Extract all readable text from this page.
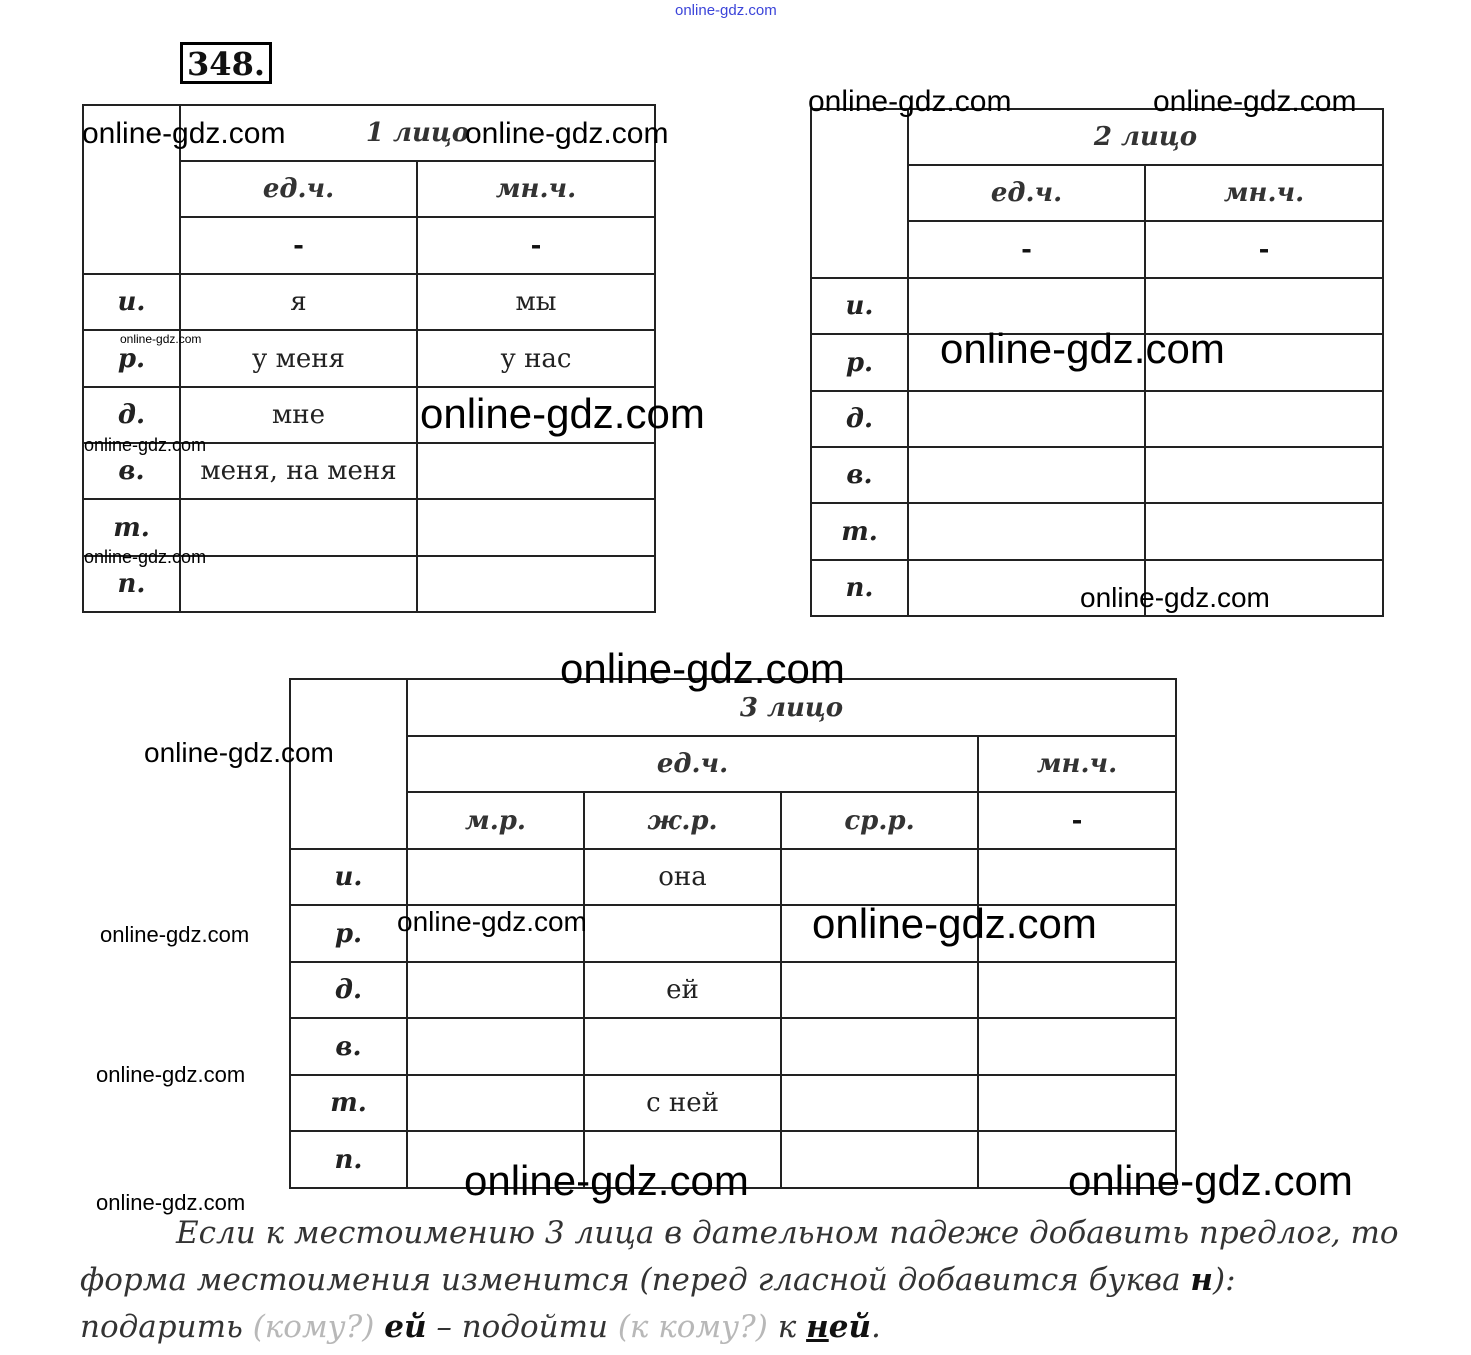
348.
	1 лицо	
	ед.ч.	мн.ч.
	-	-
и.	я	мы
р.	у меня	у нас
д.	мне	
в.	меня, на меня	
т.		
п.		
	2 лицо	
	ед.ч.	мн.ч.
	-	-
и.		
р.		
д.		
в.		
т.		
п.		
	3 лицо			
	ед.ч.			мн.ч.
	м.р.	ж.р.	ср.р.	-
и.		она		
р.				
д.		ей		
в.				
т.		с ней		
п.				
Если к местоимению 3 лица в дательном падеже добавить предлог, то
форма местоимения изменится (перед гласной добавится буква н):
подарить (кому?) ей – подойти (к кому?) к ней.
online-gdz.com
online-gdz.com	online-gdz.com
online-gdz.com	online-gdz.com
online-gdz.com	online-gdz.com
online-gdz.com
online-gdz.com
online-gdz.com
online-gdz.com
online-gdz.com
online-gdz.com
online-gdz.com	online-gdz.com
online-gdz.com
online-gdz.com
online-gdz.com	online-gdz.com
online-gdz.com
